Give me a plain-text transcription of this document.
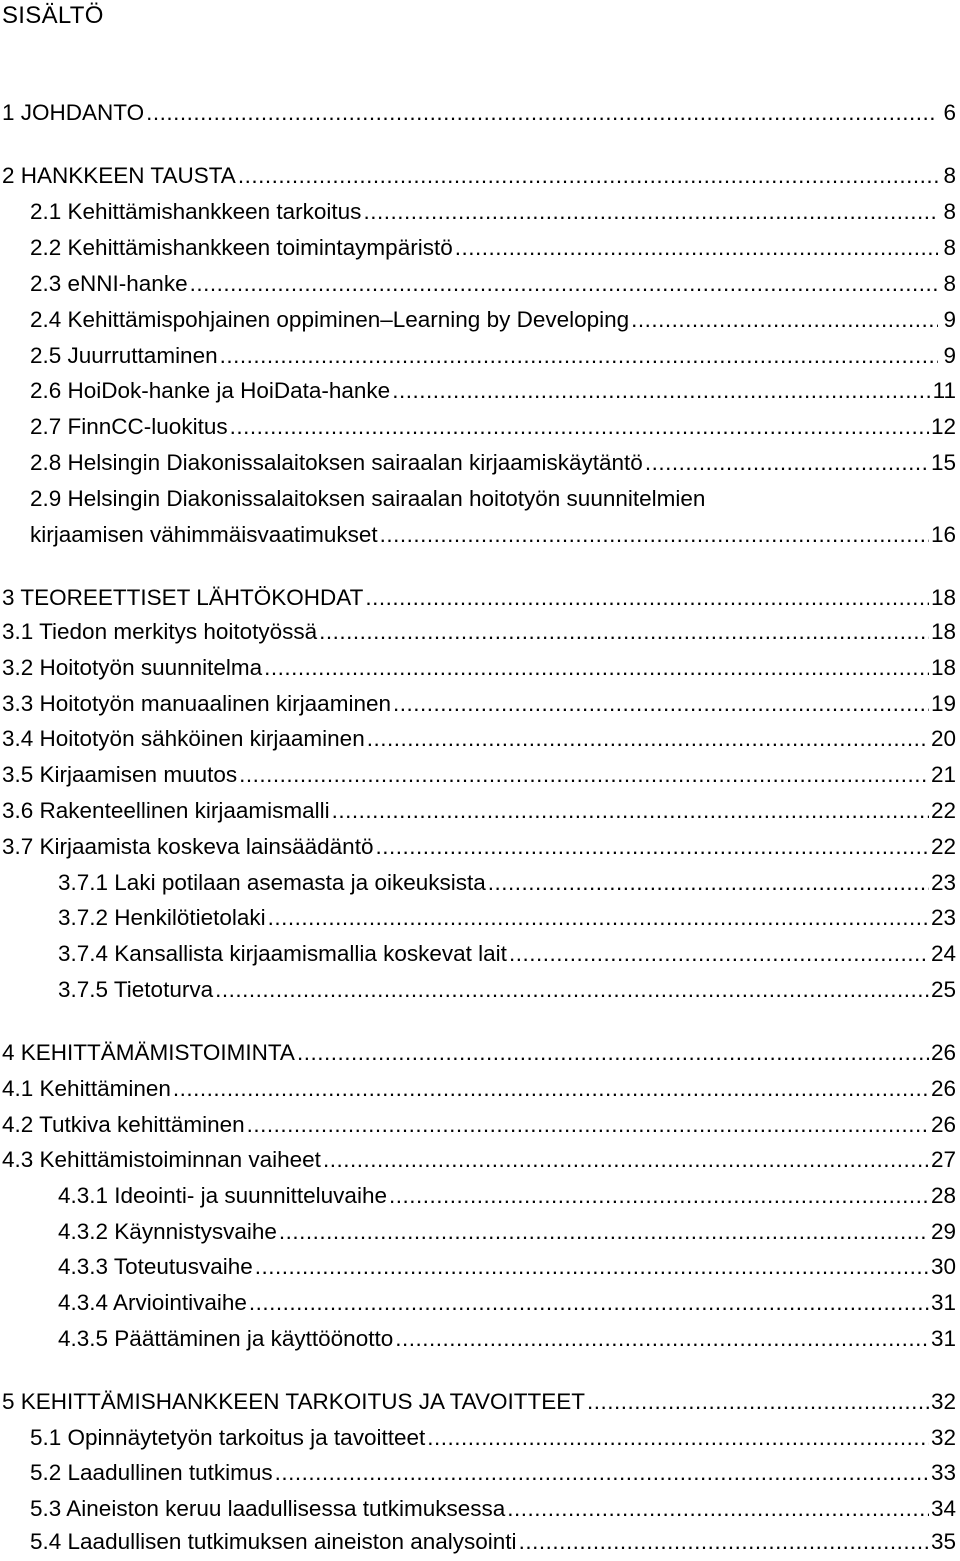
SISÄLTÖ
1 JOHDANTO .....	6
2 HANKKEEN TAUSTA .....	8
2.1 Kehittämishankkeen tarkoitus .....	8
2.2 Kehittämishankkeen toimintaympäristö .....	8
2.3 eNNI-hanke .....	8
2.4 Kehittämispohjainen oppiminen–Learning by Developing .....	9
2.5 Juurruttaminen .....	9
2.6 HoiDok-hanke ja HoiData-hanke .....	11
2.7 FinnCC-luokitus .....	12
2.8 Helsingin Diakonissalaitoksen sairaalan kirjaamiskäytäntö .....	15
2.9 Helsingin Diakonissalaitoksen sairaalan hoitotyön suunnitelmien
kirjaamisen vähimmäisvaatimukset .....	16
3 TEOREETTISET LÄHTÖKOHDAT .....	18
3.1 Tiedon merkitys hoitotyössä .....	18
3.2 Hoitotyön suunnitelma .....	18
3.3 Hoitotyön manuaalinen kirjaaminen .....	19
3.4 Hoitotyön sähköinen kirjaaminen .....	20
3.5 Kirjaamisen muutos .....	21
3.6 Rakenteellinen kirjaamismalli .....	22
3.7 Kirjaamista koskeva lainsäädäntö .....	22
3.7.1 Laki potilaan asemasta ja oikeuksista .....	23
3.7.2 Henkilötietolaki .....	23
3.7.4 Kansallista kirjaamismallia koskevat lait .....	24
3.7.5 Tietoturva .....	25
4 KEHITTÄMÄMISTOIMINTA .....	26
4.1 Kehittäminen .....	26
4.2 Tutkiva kehittäminen .....	26
4.3 Kehittämistoiminnan vaiheet .....	27
4.3.1 Ideointi- ja suunnitteluvaihe .....	28
4.3.2 Käynnistysvaihe .....	29
4.3.3 Toteutusvaihe .....	30
4.3.4 Arviointivaihe .....	31
4.3.5 Päättäminen ja käyttöönotto .....	31
5 KEHITTÄMISHANKKEEN TARKOITUS JA TAVOITTEET .....	32
5.1 Opinnäytetyön tarkoitus ja tavoitteet .....	32
5.2 Laadullinen tutkimus .....	33
5.3 Aineiston keruu laadullisessa tutkimuksessa .....	34
5.4 Laadullisen tutkimuksen aineiston analysointi .....	35
